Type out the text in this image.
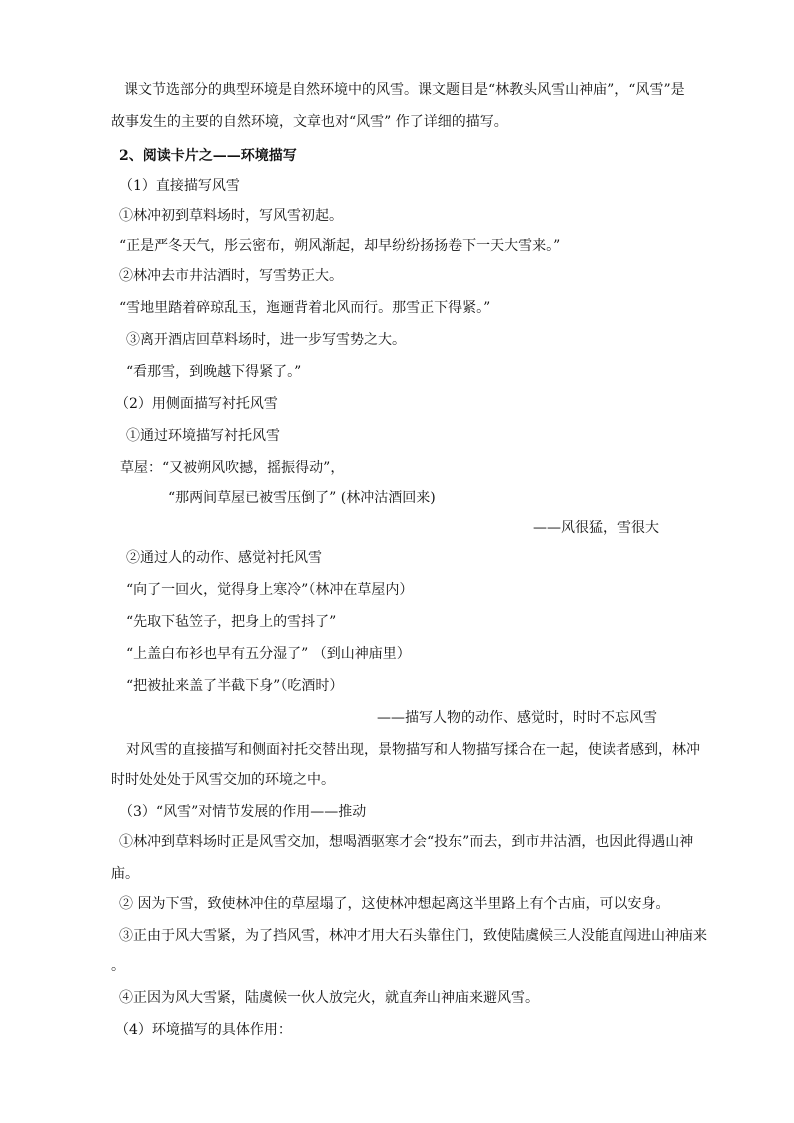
课文节选部分的典型环境是自然环境中的风雪。课文题目是“林教头风雪山神庙”，“风雪”是
故事发生的主要的自然环境，文章也对“风雪” 作了详细的描写。
2、阅读卡片之——环境描写
（1）直接描写风雪
①林冲初到草料场时，写风雪初起。
“正是严冬天气，彤云密布，朔风渐起，却早纷纷扬扬卷下一天大雪来。”
②林冲去市井沽酒时，写雪势正大。
“雪地里踏着碎琼乱玉，迤逦背着北风而行。那雪正下得紧。”
③离开酒店回草料场时，进一步写雪势之大。
“看那雪，到晚越下得紧了。”
（2）用侧面描写衬托风雪
①通过环境描写衬托风雪
草屋：“又被朔风吹撼，摇振得动”，
“那两间草屋已被雪压倒了” (林冲沽酒回来)
——风很猛，雪很大
②通过人的动作、感觉衬托风雪
“向了一回火，觉得身上寒冷”（林冲在草屋内）
“先取下毡笠子，把身上的雪抖了”
“上盖白布衫也早有五分湿了” （到山神庙里）
“把被扯来盖了半截下身”（吃酒时）
——描写人物的动作、感觉时，时时不忘风雪
对风雪的直接描写和侧面衬托交替出现，景物描写和人物描写揉合在一起，使读者感到，林冲
时时处处处于风雪交加的环境之中。
（3）“风雪”对情节发展的作用——推动
①林冲到草料场时正是风雪交加，想喝酒驱寒才会“投东”而去，到市井沽酒，也因此得遇山神
庙。
② 因为下雪，致使林冲住的草屋塌了，这使林冲想起离这半里路上有个古庙，可以安身。
③正由于风大雪紧，为了挡风雪，林冲才用大石头靠住门，致使陆虞候三人没能直闯进山神庙来
。
④正因为风大雪紧，陆虞候一伙人放完火，就直奔山神庙来避风雪。
（4）环境描写的具体作用：
